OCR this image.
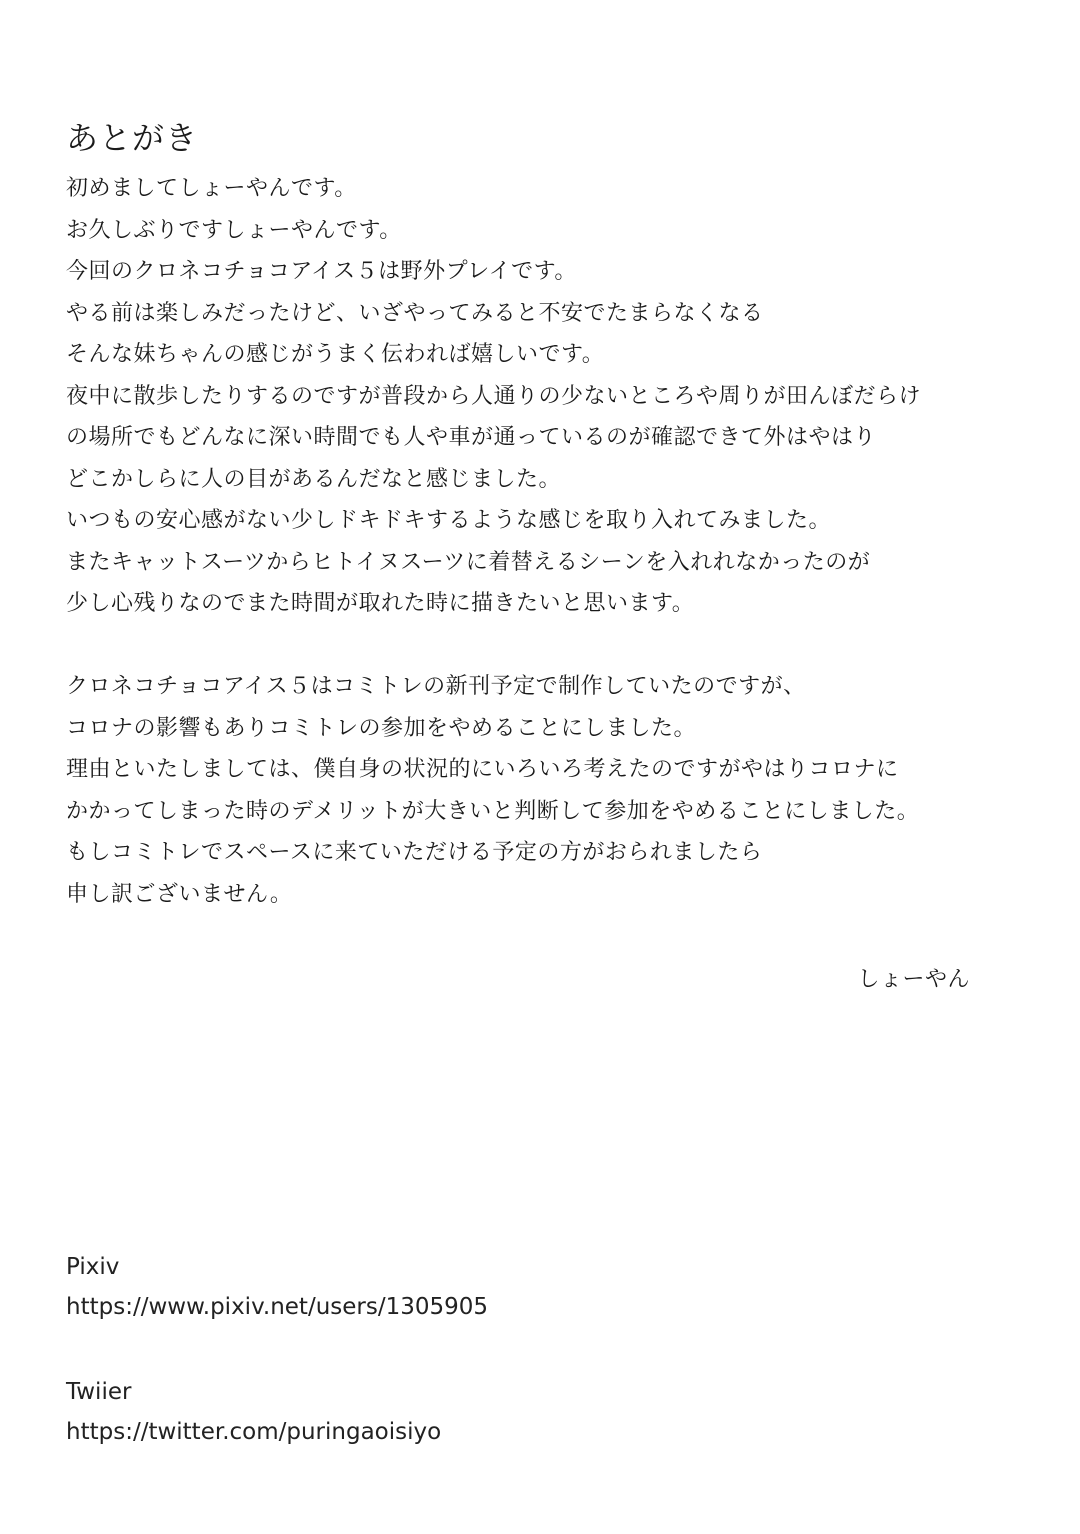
あとがき
初めましてしょーやんです。
お久しぶりですしょーやんです。
今回のクロネコチョコアイス５は野外プレイです。
やる前は楽しみだったけど、いざやってみると不安でたまらなくなる
そんな妹ちゃんの感じがうまく伝われば嬉しいです。
夜中に散歩したりするのですが普段から人通りの少ないところや周りが田んぼだらけ
の場所でもどんなに深い時間でも人や車が通っているのが確認できて外はやはり
どこかしらに人の目があるんだなと感じました。
いつもの安心感がない少しドキドキするような感じを取り入れてみました。
またキャットスーツからヒトイヌスーツに着替えるシーンを入れれなかったのが
少し心残りなのでまた時間が取れた時に描きたいと思います。
クロネコチョコアイス５はコミトレの新刊予定で制作していたのですが、
コロナの影響もありコミトレの参加をやめることにしました。
理由といたしましては、僕自身の状況的にいろいろ考えたのですがやはりコロナに
かかってしまった時のデメリットが大きいと判断して参加をやめることにしました。
もしコミトレでスペースに来ていただける予定の方がおられましたら
申し訳ございません。
しょーやん
Pixiv
https://www.pixiv.net/users/1305905
Twiier
https://twitter.com/puringaoisiyo
